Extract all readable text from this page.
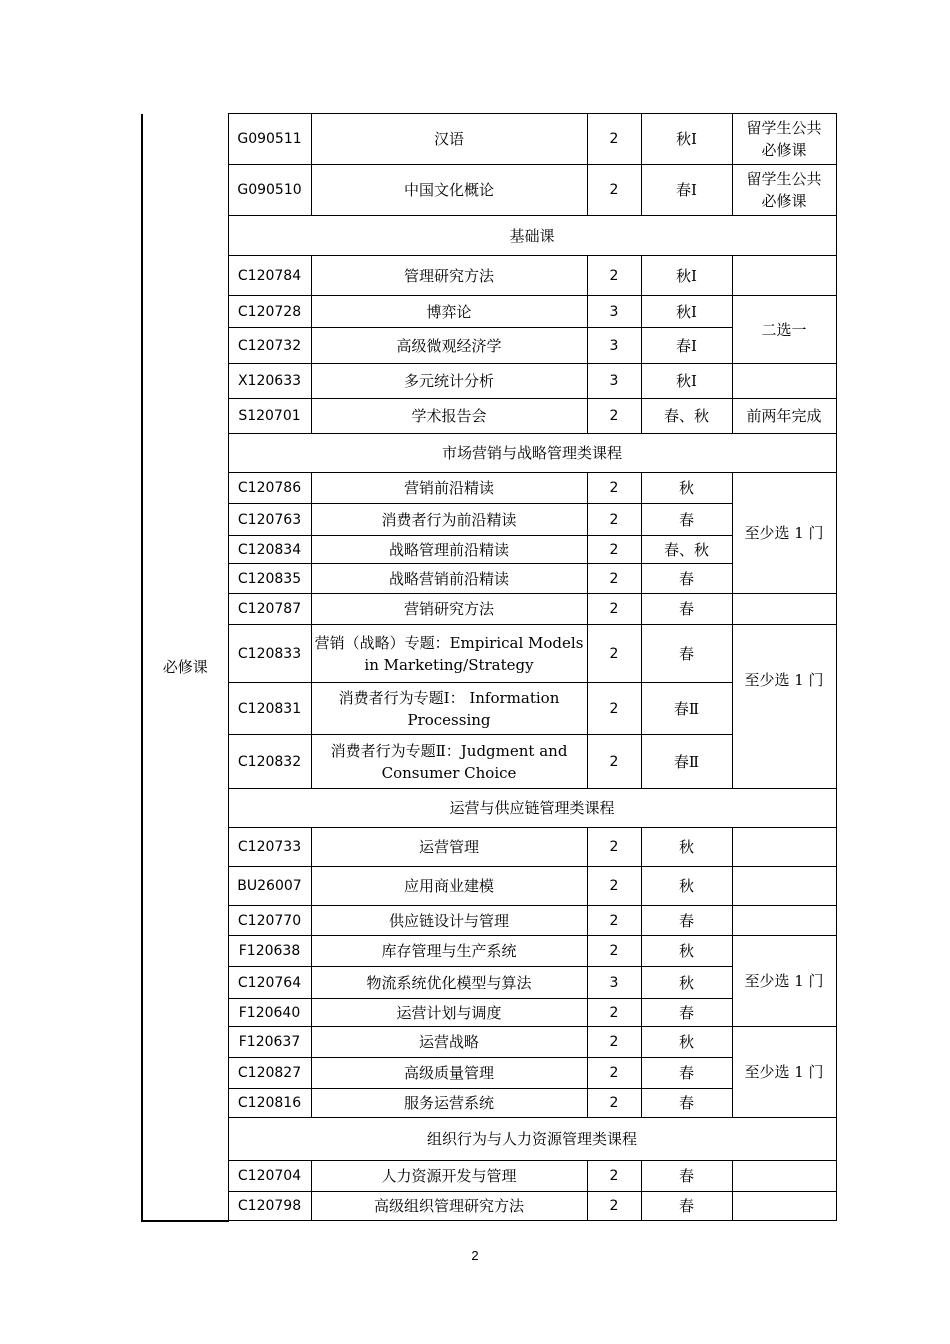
必修课	G090511	汉语	2	秋Ⅰ	留学生公共必修课
	G090510	中国文化概论	2	春Ⅰ	留学生公共必修课
	基础课				
	C120784	管理研究方法	2	秋Ⅰ	
	C120728	博弈论	3	秋Ⅰ	二选一
	C120732	高级微观经济学	3	春Ⅰ	
	X120633	多元统计分析	3	秋Ⅰ	
	S120701	学术报告会	2	春、秋	前两年完成
	市场营销与战略管理类课程				
	C120786	营销前沿精读	2	秋	至少选 1 门
	C120763	消费者行为前沿精读	2	春	
	C120834	战略管理前沿精读	2	春、秋	
	C120835	战略营销前沿精读	2	春	
	C120787	营销研究方法	2	春	
	C120833	营销（战略）专题：Empirical Models in Marketing/Strategy	2	春	至少选 1 门
	C120831	消费者行为专题Ⅰ： Information Processing	2	春Ⅱ	
	C120832	消费者行为专题Ⅱ：Judgment and Consumer Choice	2	春Ⅱ	
	运营与供应链管理类课程				
	C120733	运营管理	2	秋	
	BU26007	应用商业建模	2	秋	
	C120770	供应链设计与管理	2	春	
	F120638	库存管理与生产系统	2	秋	至少选 1 门
	C120764	物流系统优化模型与算法	3	秋	
	F120640	运营计划与调度	2	春	
	F120637	运营战略	2	秋	至少选 1 门
	C120827	高级质量管理	2	春	
	C120816	服务运营系统	2	春	
	组织行为与人力资源管理类课程				
	C120704	人力资源开发与管理	2	春	
	C120798	高级组织管理研究方法	2	春	
2
